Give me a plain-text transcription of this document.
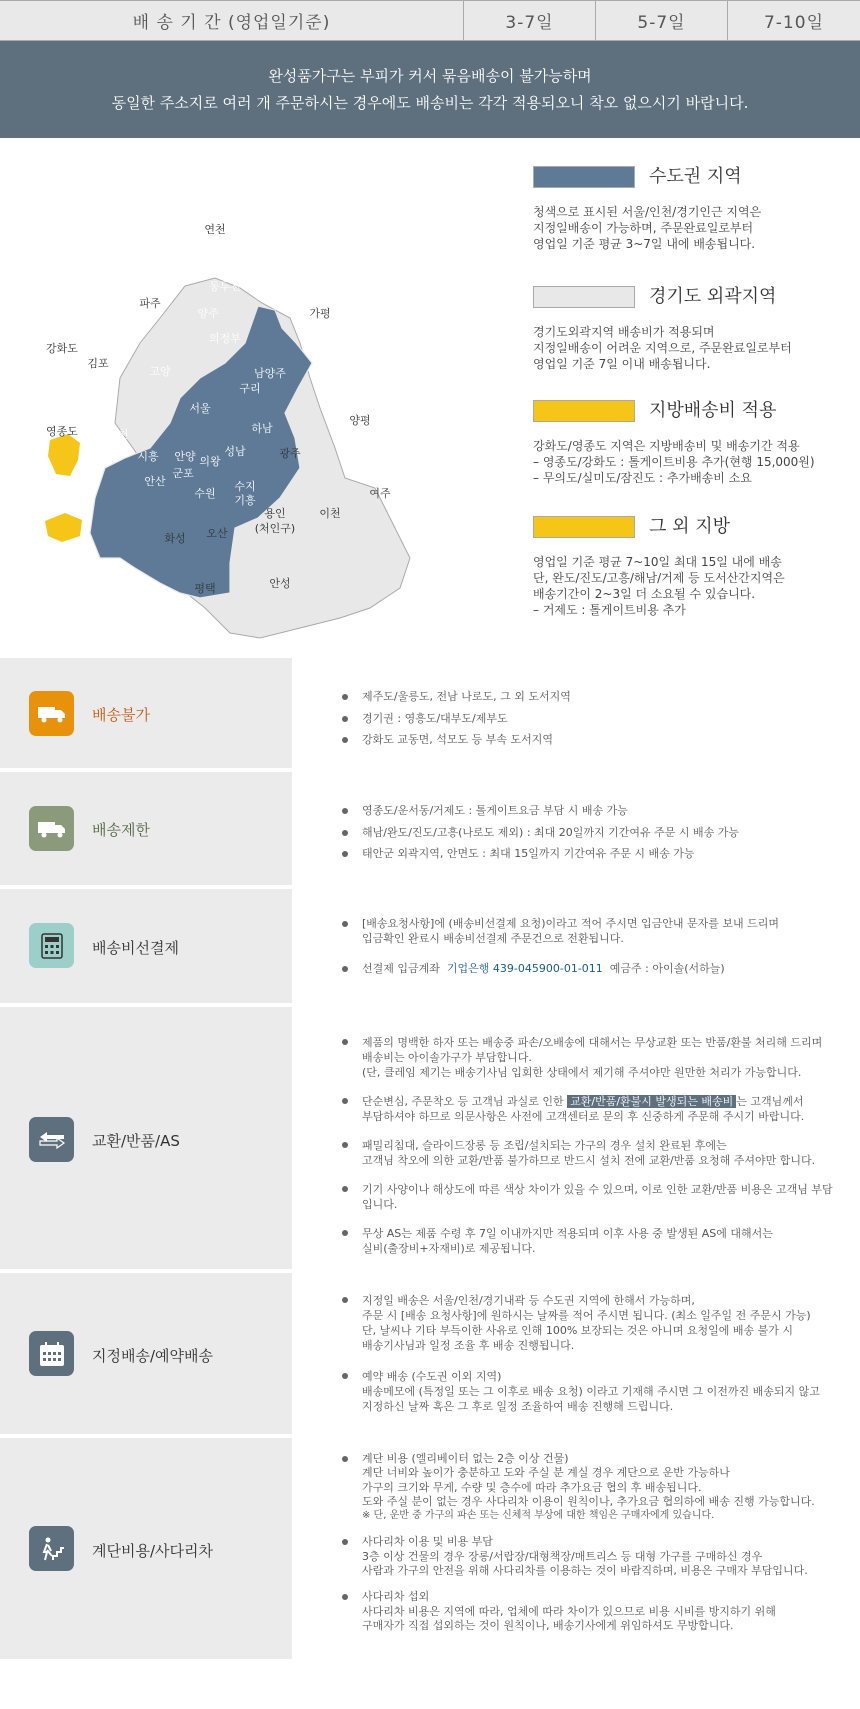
배 송 기 간 (영업일기준)	3-7일	5-7일	7-10일
완성품가구는 부피가 커서 묶음배송이 불가능하며
동일한 주소지로 여러 개 주문하시는 경우에도 배송비는 각각 적용되오니 착오 없으시기 바랍니다.
연천
포천
동두천
파주
양주	가평
의정부
강화도
김포
고양	남양주
구리
서울
하남
양평
영종도	인천
시흥 안양 의왕
성남	광주
군포
안산
수원
수지
기흥
여주
용인
(처인구)
이천
화성 오산
평택	안성
수도권 지역
청색으로 표시된 서울/인천/경기인근 지역은
지정일배송이 가능하며, 주문완료일로부터
영업일 기준 평균 3~7일 내에 배송됩니다.
경기도 외곽지역
경기도외곽지역 배송비가 적용되며
지정일배송이 어려운 지역으로, 주문완료일로부터
영업일 기준 7일 이내 배송됩니다.
지방배송비 적용
강화도/영종도 지역은 지방배송비 및 배송기간 적용
– 영종도/강화도 : 톨게이트비용 추가(현행 15,000원)
– 무의도/실미도/잠진도 : 추가배송비 소요
그 외 지방
영업일 기준 평균 7~10일 최대 15일 내에 배송
단, 완도/진도/고흥/해남/거제 등 도서산간지역은
배송기간이 2~3일 더 소요될 수 있습니다.
– 거제도 : 톨게이트비용 추가
배송불가
제주도/울릉도, 전남 나로도, 그 외 도서지역
경기권 : 영흥도/대부도/제부도
강화도 교동면, 석모도 등 부속 도서지역
배송제한
영종도/운서동/거제도 : 톨게이트요금 부담 시 배송 가능
해남/완도/진도/고흥(나로도 제외) : 최대 20일까지 기간여유 주문 시 배송 가능
태안군 외곽지역, 안면도 : 최대 15일까지 기간여유 주문 시 배송 가능
배송비선결제
[배송요청사항]에 (배송비선결제 요청)이라고 적어 주시면 입금안내 문자를 보내 드리며
입금확인 완료시 배송비선결제 주문건으로 전환됩니다.
선결제 입금계좌 기업은행 439-045900-01-011 예금주 : 아이솔(서하늘)
교환/반품/AS
제품의 명백한 하자 또는 배송중 파손/오배송에 대해서는 무상교환 또는 반품/환불 처리해 드리며
배송비는 아이솔가구가 부담합니다.
(단, 클레임 제기는 배송기사님 입회한 상태에서 제기해 주셔야만 원만한 처리가 가능합니다.
단순변심, 주문착오 등 고객님 과실로 인한 교환/반품/환불시 발생되는 배송비 는 고객님께서
부담하셔야 하므로 의문사항은 사전에 고객센터로 문의 후 신중하게 주문해 주시기 바랍니다.
패밀리침대, 슬라이드장롱 등 조립/설치되는 가구의 경우 설치 완료된 후에는
고객님 착오에 의한 교환/반품 불가하므로 반드시 설치 전에 교환/반품 요청해 주셔야만 합니다.
기기 사양이나 해상도에 따른 색상 차이가 있을 수 있으며, 이로 인한 교환/반품 비용은 고객님 부담입니다.
무상 AS는 제품 수령 후 7일 이내까지만 적용되며 이후 사용 중 발생된 AS에 대해서는
실비(출장비+자재비)로 제공됩니다.
지정배송/예약배송
지정일 배송은 서울/인천/경기내곽 등 수도권 지역에 한해서 가능하며,
주문 시 [배송 요청사항]에 원하시는 날짜를 적어 주시면 됩니다. (최소 일주일 전 주문시 가능)
단, 날씨나 기타 부득이한 사유로 인해 100% 보장되는 것은 아니며 요청일에 배송 불가 시
배송기사님과 일정 조율 후 배송 진행됩니다.
예약 배송 (수도권 이외 지역)
배송메모에 (특정일 또는 그 이후로 배송 요청) 이라고 기재해 주시면 그 이전까진 배송되지 않고
지정하신 날짜 혹은 그 후로 일정 조율하여 배송 진행해 드립니다.
계단비용/사다리차
계단 비용 (엘리베이터 없는 2층 이상 건물)
계단 너비와 높이가 충분하고 도와 주실 분 계실 경우 계단으로 운반 가능하나
가구의 크기와 무게, 수량 및 층수에 따라 추가요금 협의 후 배송됩니다.
도와 주실 분이 없는 경우 사다리차 이용이 원칙이나, 추가요금 협의하에 배송 진행 가능합니다.
※ 단, 운반 중 가구의 파손 또는 신체적 부상에 대한 책임은 구매자에게 있습니다.
사다리차 이용 및 비용 부담
3층 이상 건물의 경우 장롱/서랍장/대형책장/매트리스 등 대형 가구를 구매하신 경우
사람과 가구의 안전을 위해 사다리차를 이용하는 것이 바람직하며, 비용은 구매자 부담입니다.
사다리차 섭외
사다리차 비용은 지역에 따라, 업체에 따라 차이가 있으므로 비용 시비를 방지하기 위해
구매자가 직접 섭외하는 것이 원칙이나, 배송기사에게 위임하셔도 무방합니다.
